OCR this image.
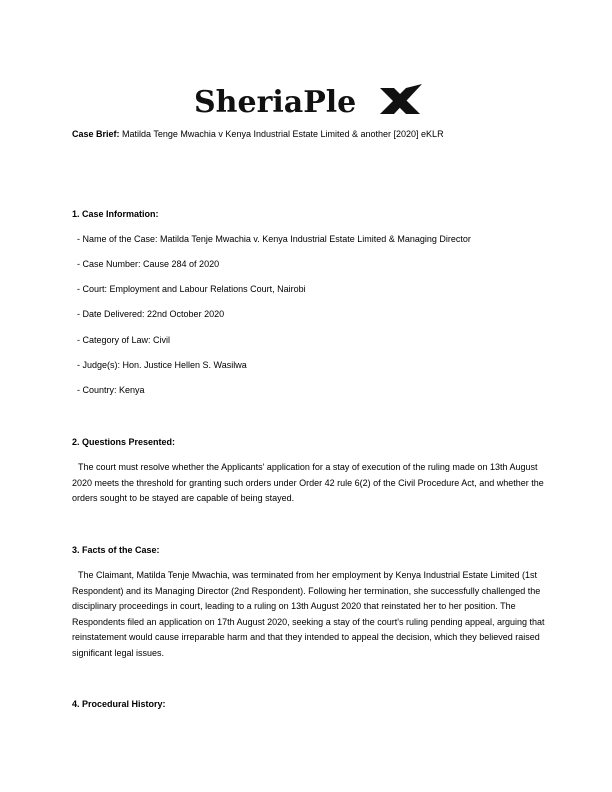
SheriaPle
Case Brief: Matilda Tenge Mwachia v Kenya Industrial Estate Limited & another [2020] eKLR
1. Case Information:
- Name of the Case: Matilda Tenje Mwachia v. Kenya Industrial Estate Limited & Managing Director
- Case Number: Cause 284 of 2020
- Court: Employment and Labour Relations Court, Nairobi
- Date Delivered: 22nd October 2020
- Category of Law: Civil
- Judge(s): Hon. Justice Hellen S. Wasilwa
- Country: Kenya
2. Questions Presented:

The court must resolve whether the Applicants' application for a stay of execution of the ruling made on 13th August 2020 meets the threshold for granting such orders under Order 42 rule 6(2) of the Civil Procedure Act, and whether the orders sought to be stayed are capable of being stayed.

3. Facts of the Case:

The Claimant, Matilda Tenje Mwachia, was terminated from her employment by Kenya Industrial Estate Limited (1st Respondent) and its Managing Director (2nd Respondent). Following her termination, she successfully challenged the disciplinary proceedings in court, leading to a ruling on 13th August 2020 that reinstated her to her position. The Respondents filed an application on 17th August 2020, seeking a stay of the court's ruling pending appeal, arguing that reinstatement would cause irreparable harm and that they intended to appeal the decision, which they believed raised significant legal issues.

4. Procedural History:
